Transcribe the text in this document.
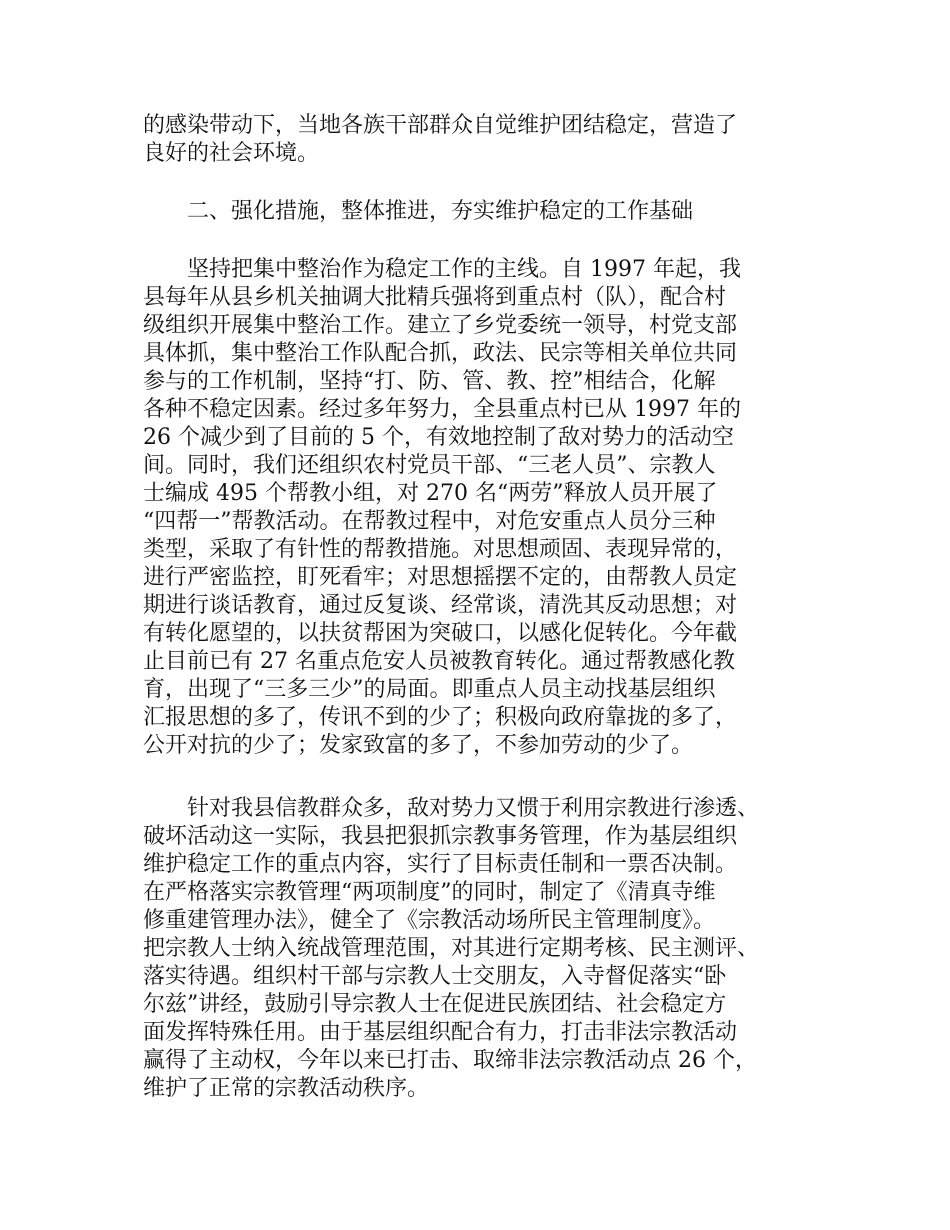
的感染带动下，当地各族干部群众自觉维护团结稳定，营造了
良好的社会环境。

　　二、强化措施，整体推进，夯实维护稳定的工作基础

　　坚持把集中整治作为稳定工作的主线。自 1997 年起，我
县每年从县乡机关抽调大批精兵强将到重点村（队），配合村
级组织开展集中整治工作。建立了乡党委统一领导，村党支部
具体抓，集中整治工作队配合抓，政法、民宗等相关单位共同
参与的工作机制，坚持“打、防、管、教、控”相结合，化解
各种不稳定因素。经过多年努力，全县重点村已从 1997 年的
26 个减少到了目前的 5 个，有效地控制了敌对势力的活动空
间。同时，我们还组织农村党员干部、“三老人员”、宗教人
士编成 495 个帮教小组，对 270 名“两劳”释放人员开展了
“四帮一”帮教活动。在帮教过程中，对危安重点人员分三种
类型，采取了有针性的帮教措施。对思想顽固、表现异常的，
进行严密监控，盯死看牢；对思想摇摆不定的，由帮教人员定
期进行谈话教育，通过反复谈、经常谈，清洗其反动思想；对
有转化愿望的，以扶贫帮困为突破口，以感化促转化。今年截
止目前已有 27 名重点危安人员被教育转化。通过帮教感化教
育，出现了“三多三少”的局面。即重点人员主动找基层组织
汇报思想的多了，传讯不到的少了；积极向政府靠拢的多了，
公开对抗的少了；发家致富的多了，不参加劳动的少了。

　　针对我县信教群众多，敌对势力又惯于利用宗教进行渗透、
破坏活动这一实际，我县把狠抓宗教事务管理，作为基层组织
维护稳定工作的重点内容，实行了目标责任制和一票否决制。
在严格落实宗教管理“两项制度”的同时，制定了《清真寺维
修重建管理办法》，健全了《宗教活动场所民主管理制度》。
把宗教人士纳入统战管理范围，对其进行定期考核、民主测评、
落实待遇。组织村干部与宗教人士交朋友，入寺督促落实“卧
尔兹”讲经，鼓励引导宗教人士在促进民族团结、社会稳定方
面发挥特殊任用。由于基层组织配合有力，打击非法宗教活动
赢得了主动权，今年以来已打击、取缔非法宗教活动点 26 个，
维护了正常的宗教活动秩序。
